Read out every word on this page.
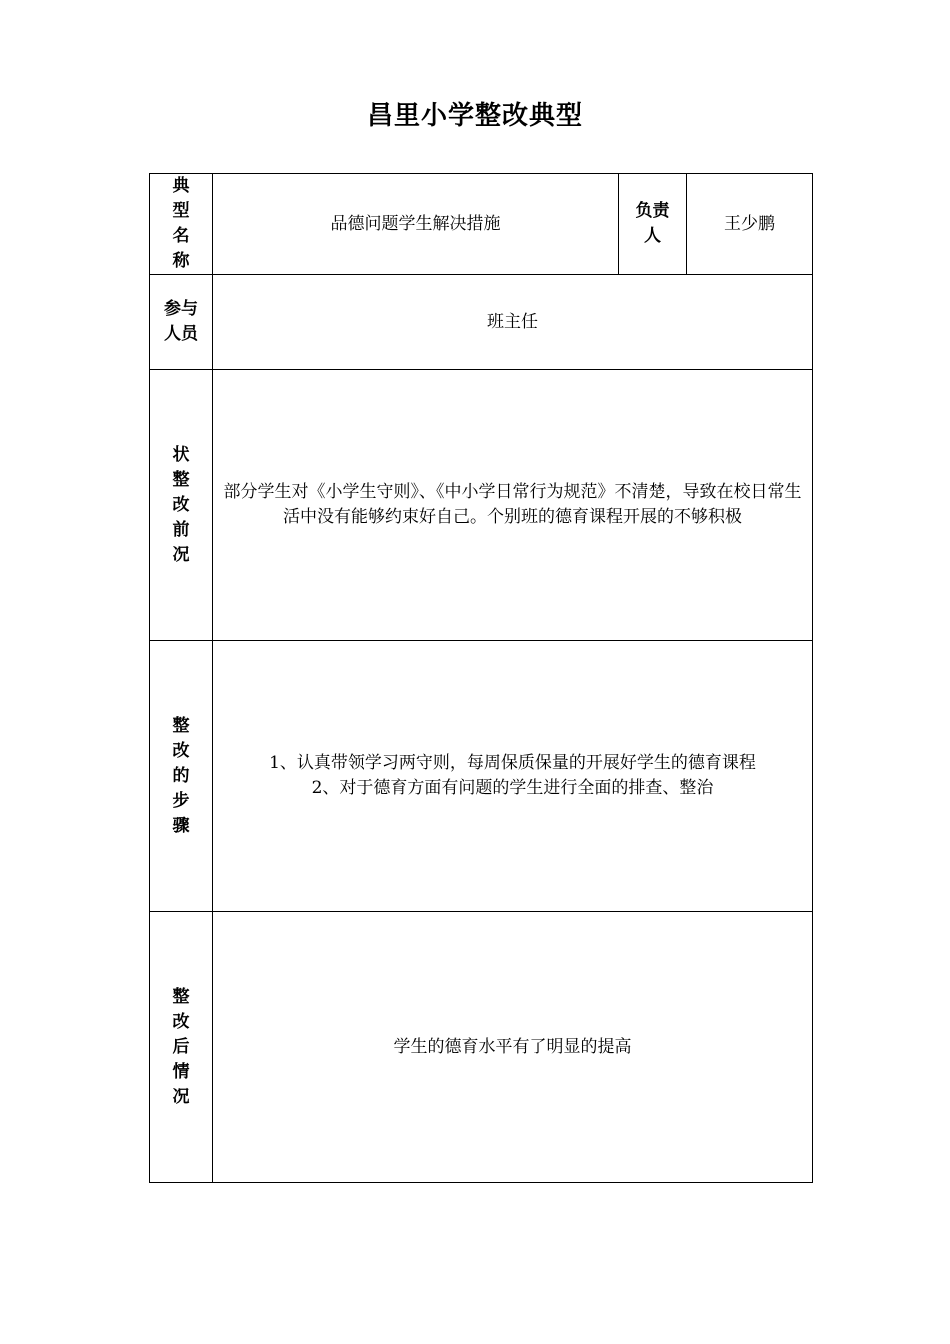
昌里小学整改典型
典型名称	品德问题学生解决措施	负责人	王少鹏

参与人员	班主任		

状整改前况	部分学生对《小学生守则》、《中小学日常行为规范》不清楚，导致在校日常生活中没有能够约束好自己。个别班的德育课程开展的不够积极		

整改的步骤	1、认真带领学习两守则，每周保质保量的开展好学生的德育课程
2、对于德育方面有问题的学生进行全面的排查、整治		

整改后情况	学生的德育水平有了明显的提高		
